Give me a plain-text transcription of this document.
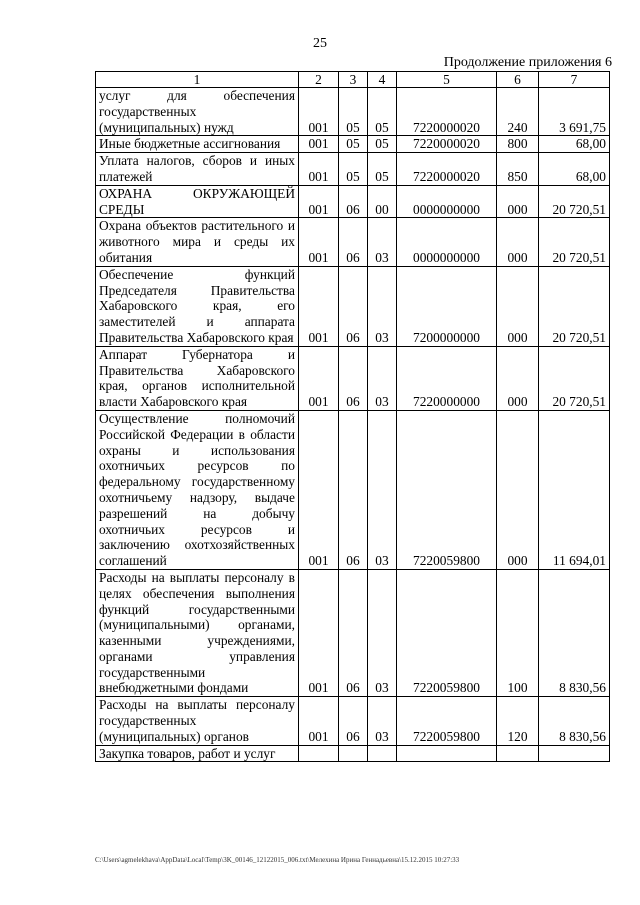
25
Продолжение приложения 6
1	2	3	4	5	6	7
услуг для обеспечения государственных (муниципальных) нужд	001	05	05	7220000020	240	3 691,75
Иные бюджетные ассигнования	001	05	05	7220000020	800	68,00
Уплата налогов, сборов и иных платежей	001	05	05	7220000020	850	68,00
ОХРАНА ОКРУЖАЮЩЕЙ СРЕДЫ	001	06	00	0000000000	000	20 720,51
Охрана объектов растительного и животного мира и среды их обитания	001	06	03	0000000000	000	20 720,51
Обеспечение функций Председателя Правительства Хабаровского края, его заместителей и аппарата Правительства Хабаровского края	001	06	03	7200000000	000	20 720,51
Аппарат Губернатора и Правительства Хабаровского края, органов исполнительной власти Хабаровского края	001	06	03	7220000000	000	20 720,51
Осуществление полномочий Российской Федерации в области охраны и использования охотничьих ресурсов по федеральному государственному охотничьему надзору, выдаче разрешений на добычу охотничьих ресурсов и заключению охотхозяйственных соглашений	001	06	03	7220059800	000	11 694,01
Расходы на выплаты персоналу в целях обеспечения выполнения функций государственными (муниципальными) органами, казенными учреждениями, органами управления государственными внебюджетными фондами	001	06	03	7220059800	100	8 830,56
Расходы на выплаты персоналу государственных (муниципальных) органов	001	06	03	7220059800	120	8 830,56
Закупка товаров, работ и услуг						
C:\Users\agmelekhava\AppData\Local\Temp\3K_00146_12122015_006.txt\Мелехина Ирина Геннадьевна\15.12.2015 10:27:33
